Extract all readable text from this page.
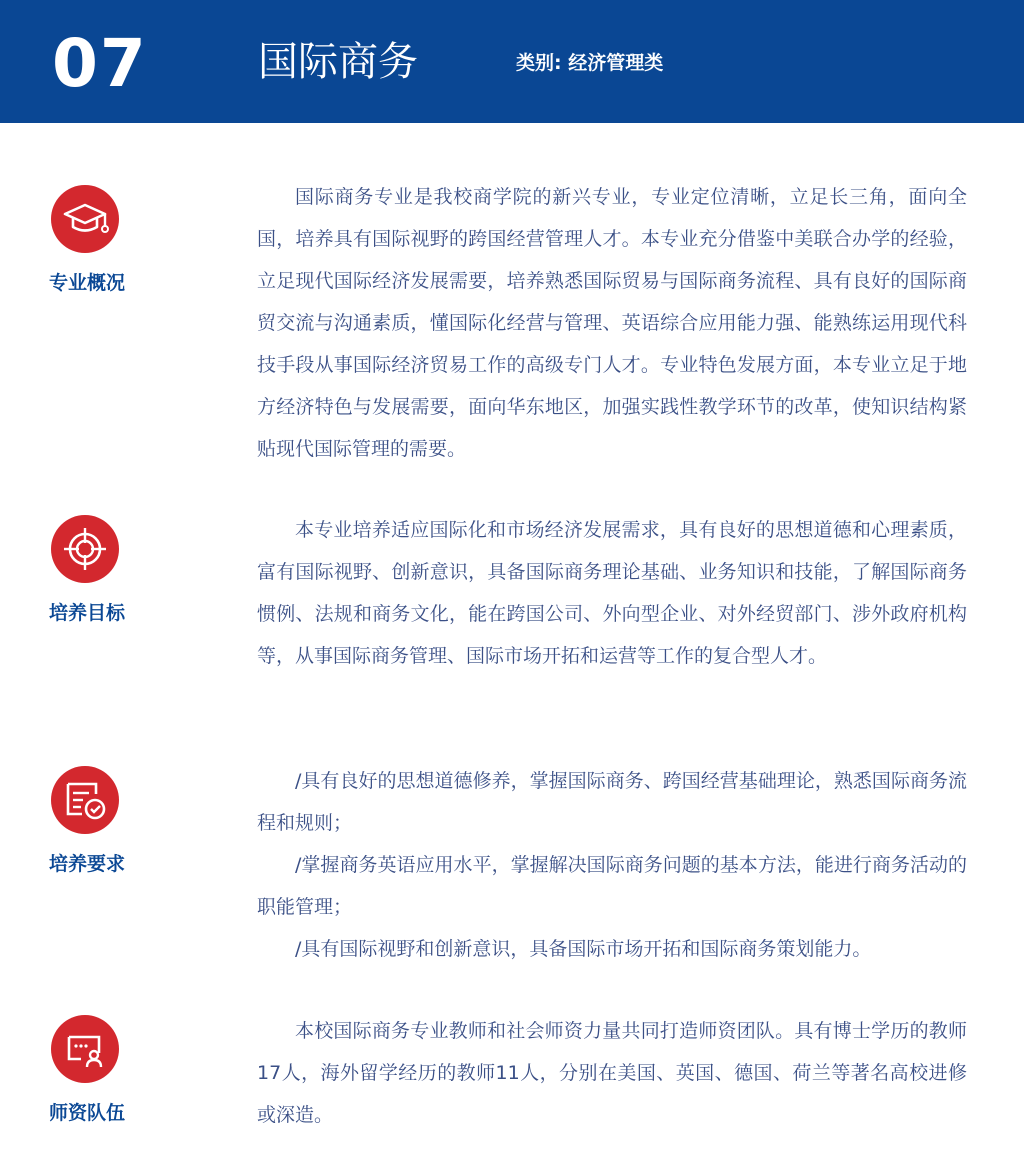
07	国际商务	类别: 经济管理类
专业概况

国际商务专业是我校商学院的新兴专业，专业定位清晰，立足长三角，面向全国，培养具有国际视野的跨国经营管理人才。本专业充分借鉴中美联合办学的经验，立足现代国际经济发展需要，培养熟悉国际贸易与国际商务流程、具有良好的国际商贸交流与沟通素质，懂国际化经营与管理、英语综合应用能力强、能熟练运用现代科技手段从事国际经济贸易工作的高级专门人才。专业特色发展方面，本专业立足于地方经济特色与发展需要，面向华东地区，加强实践性教学环节的改革，使知识结构紧贴现代国际管理的需要。

培养目标

本专业培养适应国际化和市场经济发展需求，具有良好的思想道德和心理素质， 富有国际视野、创新意识，具备国际商务理论基础、业务知识和技能，了解国际商务惯例、法规和商务文化，能在跨国公司、外向型企业、对外经贸部门、涉外政府机构等，从事国际商务管理、国际市场开拓和运营等工作的复合型人才。

培养要求

/具有良好的思想道德修养，掌握国际商务、跨国经营基础理论，熟悉国际商务流程和规则；

/掌握商务英语应用水平，掌握解决国际商务问题的基本方法，能进行商务活动的职能管理；

/具有国际视野和创新意识，具备国际市场开拓和国际商务策划能力。

师资队伍

本校国际商务专业教师和社会师资力量共同打造师资团队。具有博士学历的教师17人，海外留学经历的教师11人，分别在美国、英国、德国、荷兰等著名高校进修或深造。
